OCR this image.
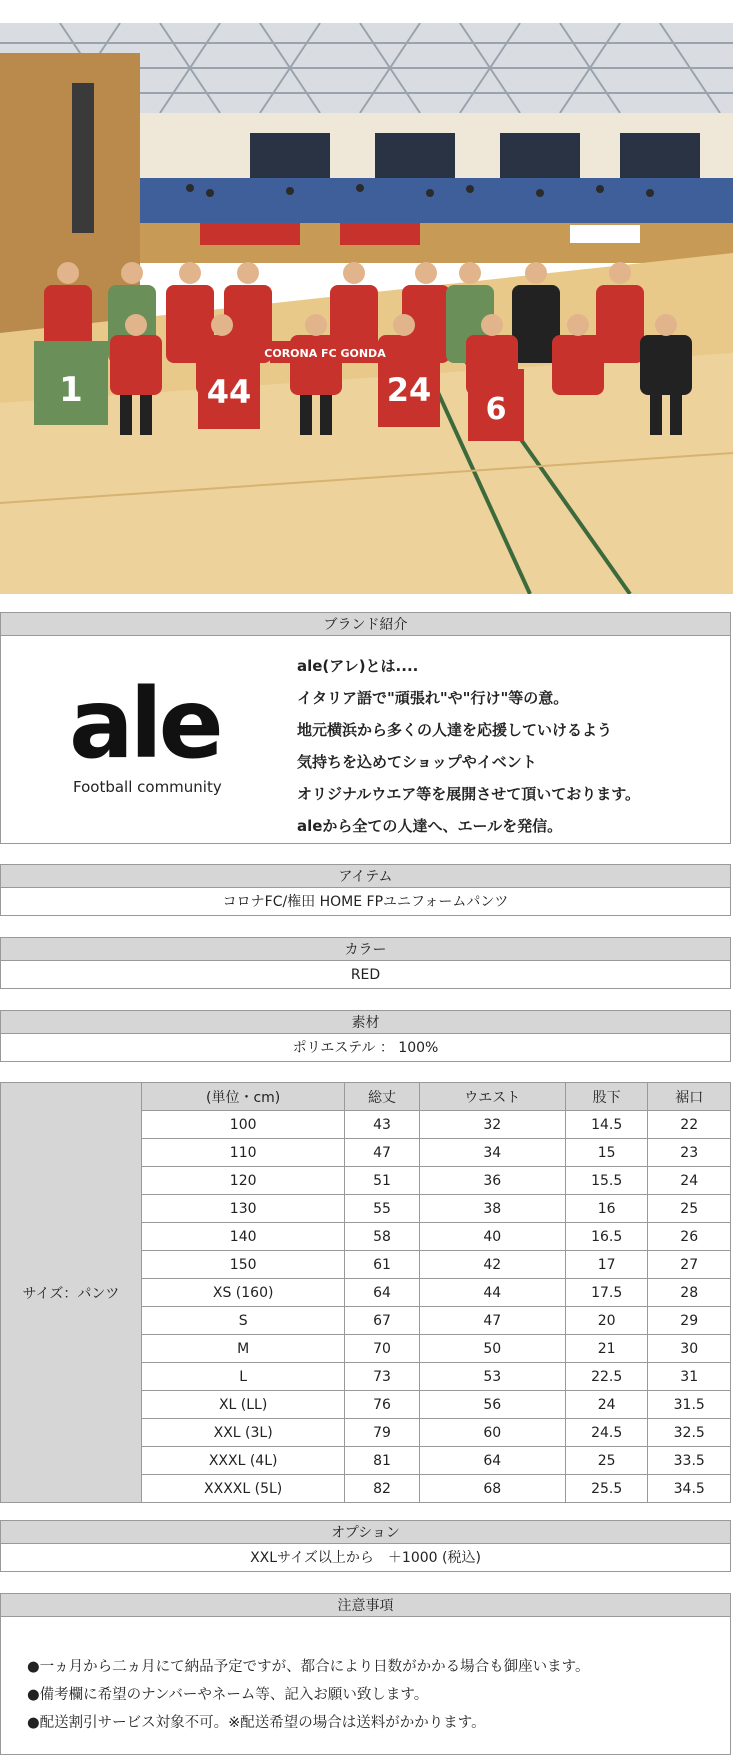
1	44	24
6
CORONA FC GONDA
ブランド紹介
ale
Football community
ale(アレ)とは....
イタリア語で"頑張れ"や"行け"等の意。
地元横浜から多くの人達を応援していけるよう
気持ちを込めてショップやイベント
オリジナルウエア等を展開させて頂いております。
aleから全ての人達へ、エールを発信。
アイテム
コロナFC/権田 HOME FPユニフォームパンツ
カラー
RED
素材
ポリエステル ： 100%
サイズ：パンツ	(単位・cm)	総丈	ウエスト	股下	裾口
	100	43	32	14.5	22
	110	47	34	15	23
	120	51	36	15.5	24
	130	55	38	16	25
	140	58	40	16.5	26
	150	61	42	17	27
	XS (160)	64	44	17.5	28
	S	67	47	20	29
	M	70	50	21	30
	L	73	53	22.5	31
	XL (LL)	76	56	24	31.5
	XXL (3L)	79	60	24.5	32.5
	XXXL (4L)	81	64	25	33.5
	XXXXL (5L)	82	68	25.5	34.5
オプション
XXLサイズ以上から　＋1000 (税込)
注意事項
●一ヵ月から二ヵ月にて納品予定ですが、都合により日数がかかる場合も御座います。
●備考欄に希望のナンバーやネーム等、記入お願い致します。
●配送割引サービス対象不可。※配送希望の場合は送料がかかります。
